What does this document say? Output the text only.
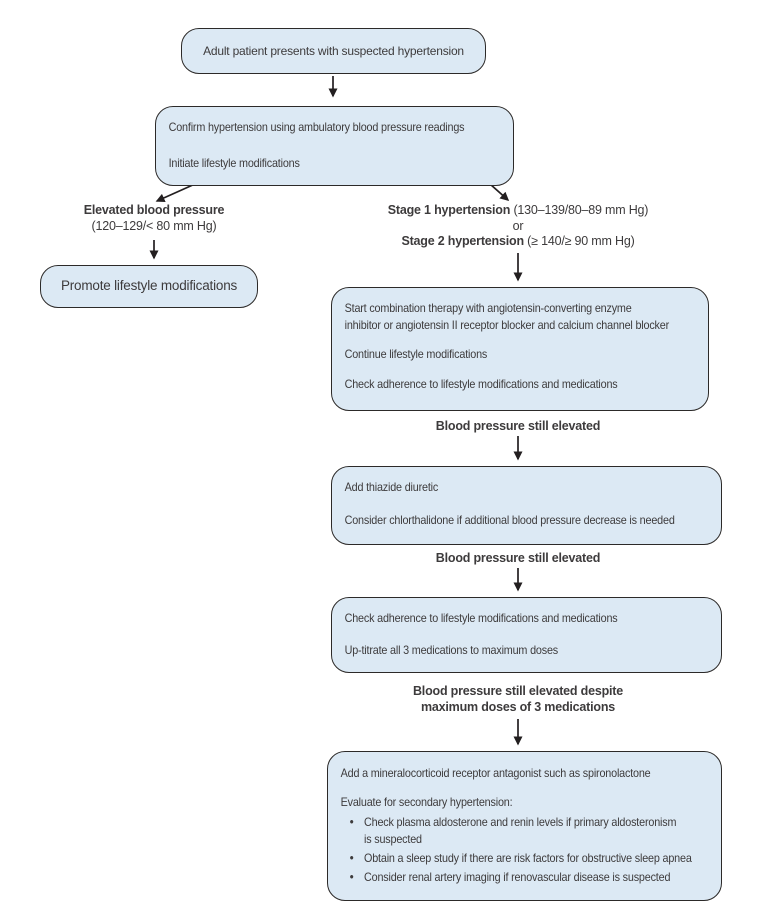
Adult patient presents with suspected hypertension

Confirm hypertension using ambulatory blood pressure readings

Initiate lifestyle modifications

Elevated blood pressure
(120–129/< 80 mm Hg)
Promote lifestyle modifications
Stage 1 hypertension (130–139/80–89 mm Hg)
or
Stage 2 hypertension (≥ 140/≥ 90 mm Hg)

Start combination therapy with angiotensin-converting enzyme

inhibitor or angiotensin II receptor blocker and calcium channel blocker

Continue lifestyle modifications

Check adherence to lifestyle modifications and medications

Blood pressure still elevated

Add thiazide diuretic

Consider chlorthalidone if additional blood pressure decrease is needed

Blood pressure still elevated

Check adherence to lifestyle modifications and medications

Up-titrate all 3 medications to maximum doses

Blood pressure still elevated despite
maximum doses of 3 medications

Add a mineralocorticoid receptor antagonist such as spironolactone

Evaluate for secondary hypertension:

• Check plasma aldosterone and renin levels if primary aldosteronism
is suspected
• Obtain a sleep study if there are risk factors for obstructive sleep apnea
• Consider renal artery imaging if renovascular disease is suspected
